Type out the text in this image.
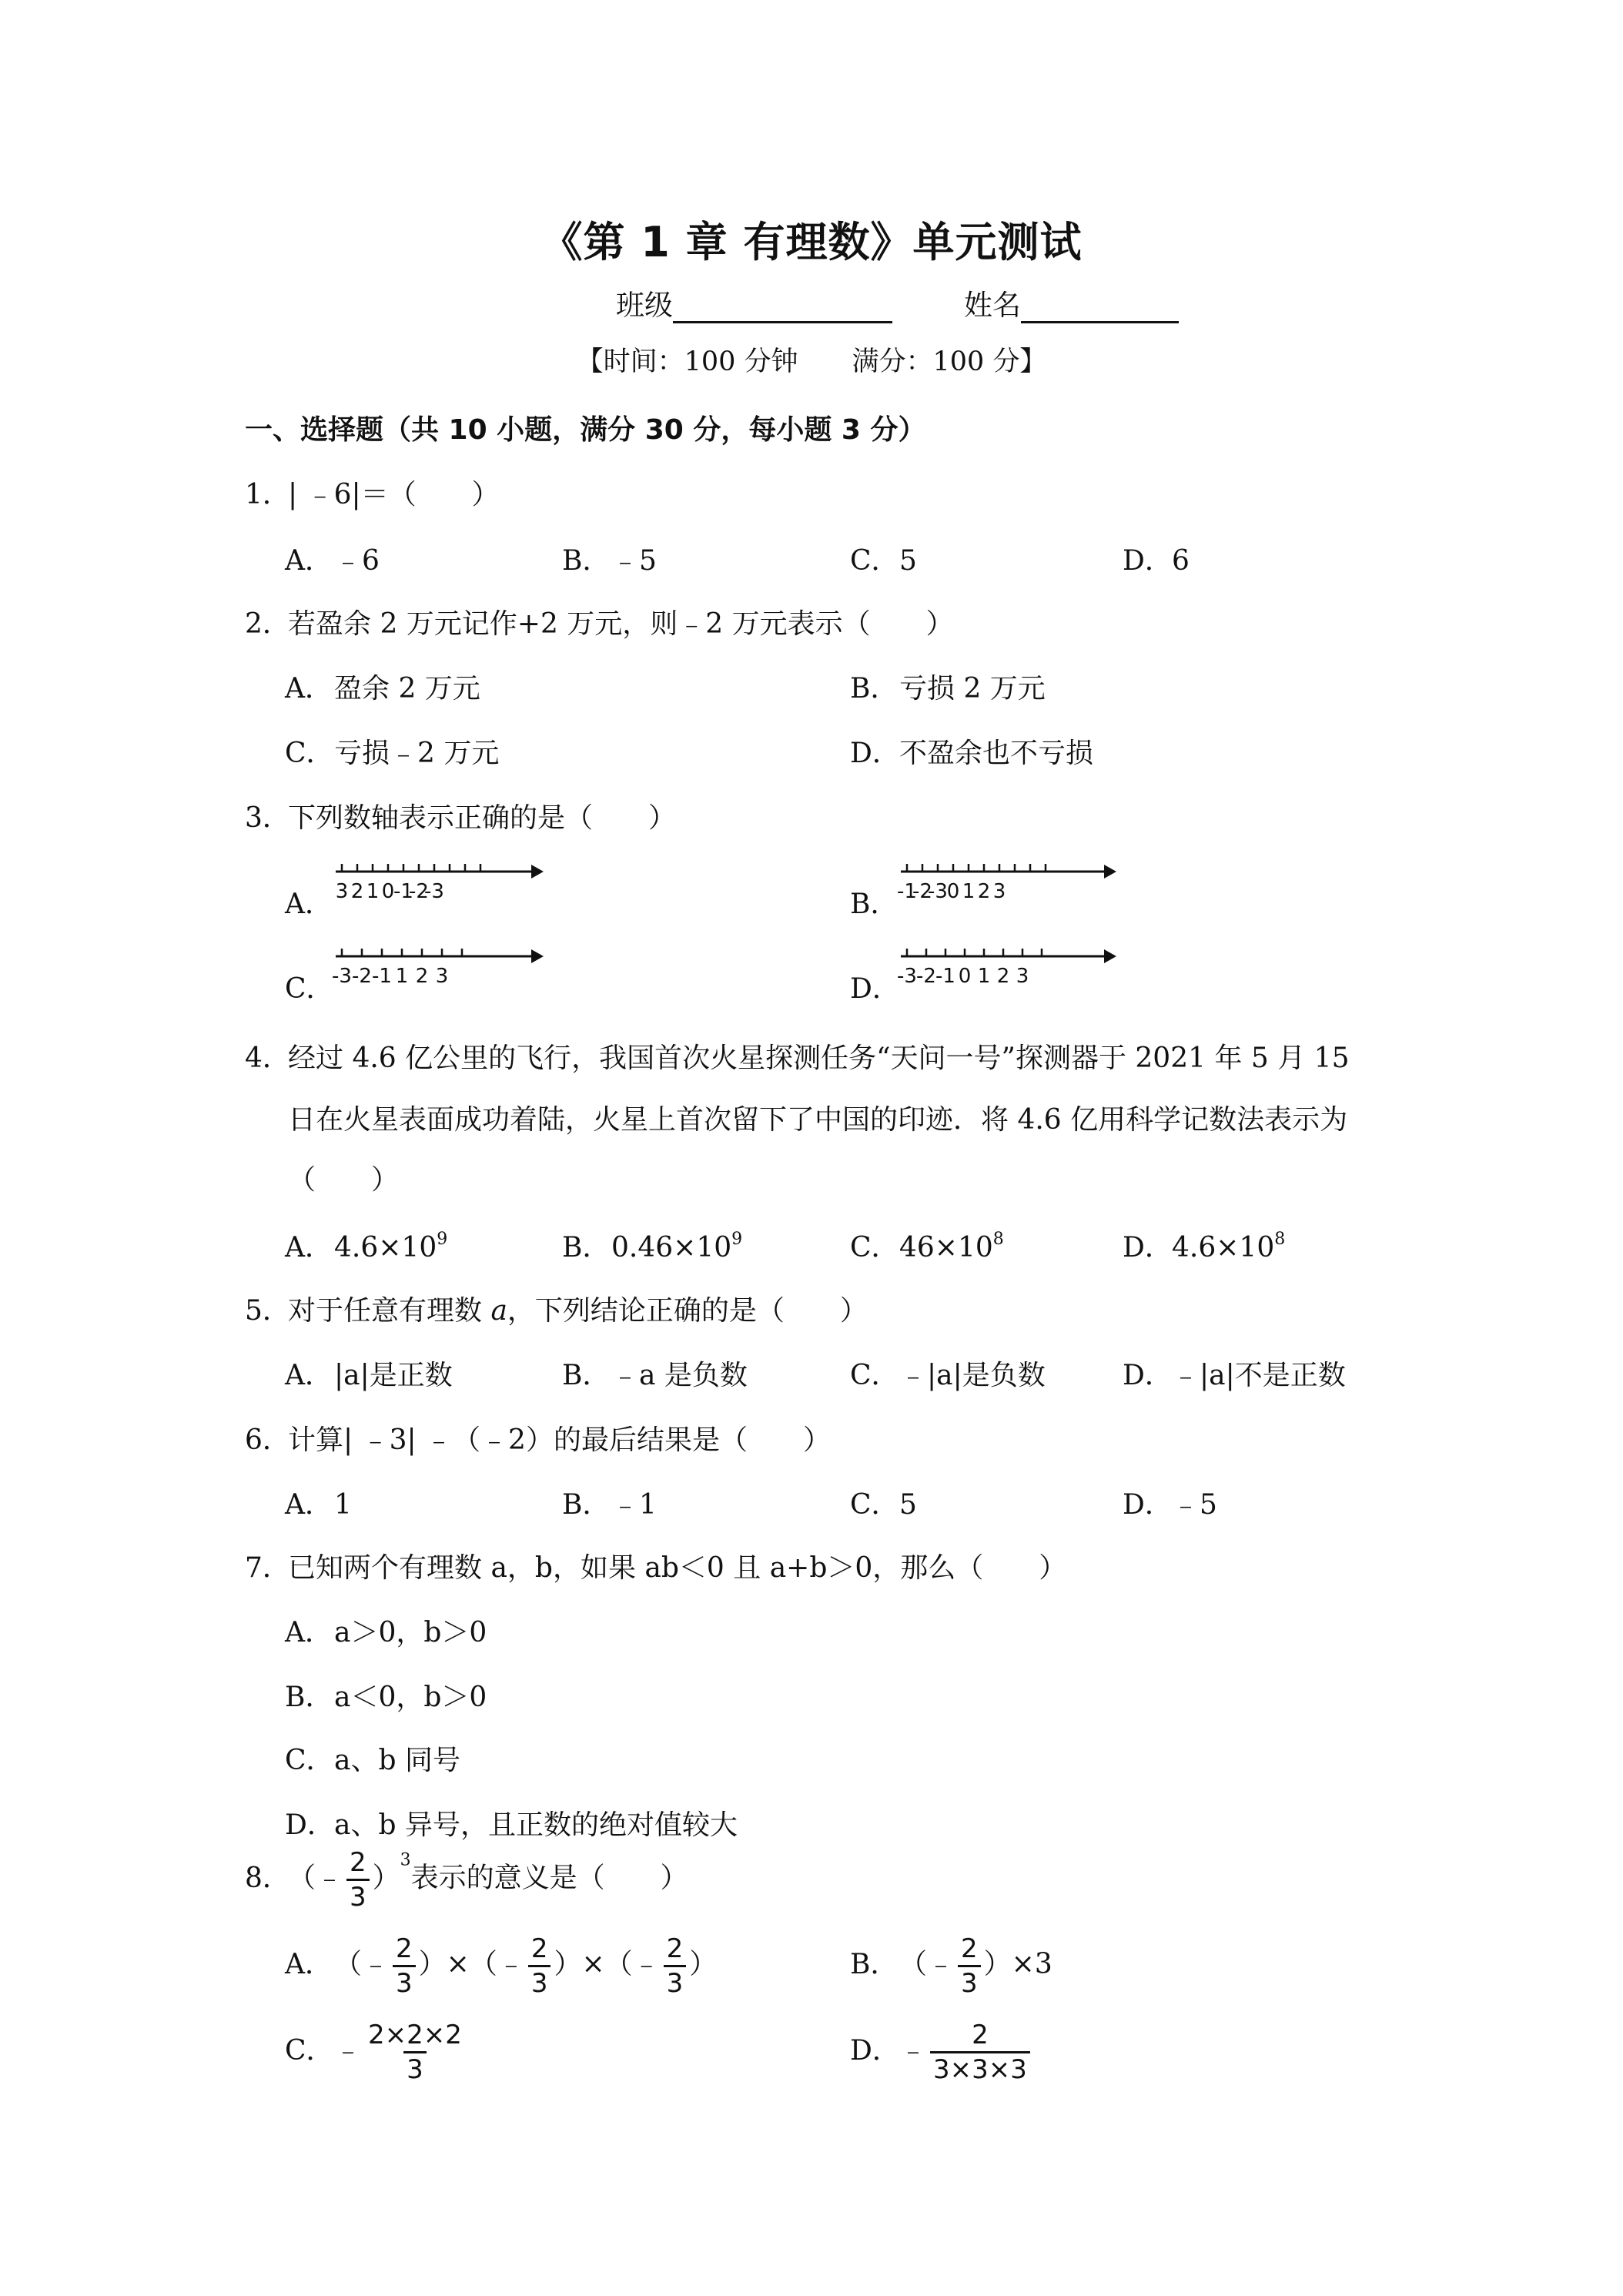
《第 1 章 有理数》单元测试
班级	姓名
【时间：100 分钟 满分：100 分】
一、选择题（共 10 小题，满分 30 分，每小题 3 分）
1．| ﹣6|＝（　　）
A．﹣6	B．﹣5	C．5	D．6
2．若盈余 2 万元记作+2 万元，则﹣2 万元表示（　　）
A．盈余 2 万元	B．亏损 2 万元
C．亏损﹣2 万元	D．不盈余也不亏损
3．下列数轴表示正确的是（　　）
A．	B．
C．	D．
3 2 1 0
-1
-2
-3	-1
-2
-3
0 1 2 3
-3 -2 -1 1 2 3	-3 -2 -1 0 1 2 3
4．经过 4.6 亿公里的飞行，我国首次火星探测任务“天问一号”探测器于 2021 年 5 月 15
日在火星表面成功着陆，火星上首次留下了中国的印迹．将 4.6 亿用科学记数法表示为
（　　）
A．$4.6\times 10^9$	B．$0.46\times 10^9$	C．$46\times 10^8$	D．$4.6\times 10^8$
5．对于任意有理数 a，下列结论正确的是（　　）
A．|a|是正数	B．﹣a 是负数	C．﹣|a|是负数	D．﹣|a|不是正数
6．计算| ﹣3| ﹣（﹣2）的最后结果是（　　）
A．1	B．﹣1	C．5	D．﹣5
7．已知两个有理数 a，b，如果 ab＜0 且 a+b＞0，那么（　　）
A．a＞0，b＞0
B．a＜0，b＞0
C．a、b 同号
D．a、b 异号，且正数的绝对值较大
8．（﹣ $\frac{2}{3} )^3$表示的意义是（　　）
A．（﹣ $\frac{2}{3}$ ）×（﹣ $\frac{2}{3}$ ）×（﹣ $\frac{2}{3}$ ）	B．（﹣ $\frac{2}{3} )\times 3$
C．﹣ $\frac{2\times 2\times 2}{3}$	D．﹣ $\frac{2}{3\times 3\times 3}$
